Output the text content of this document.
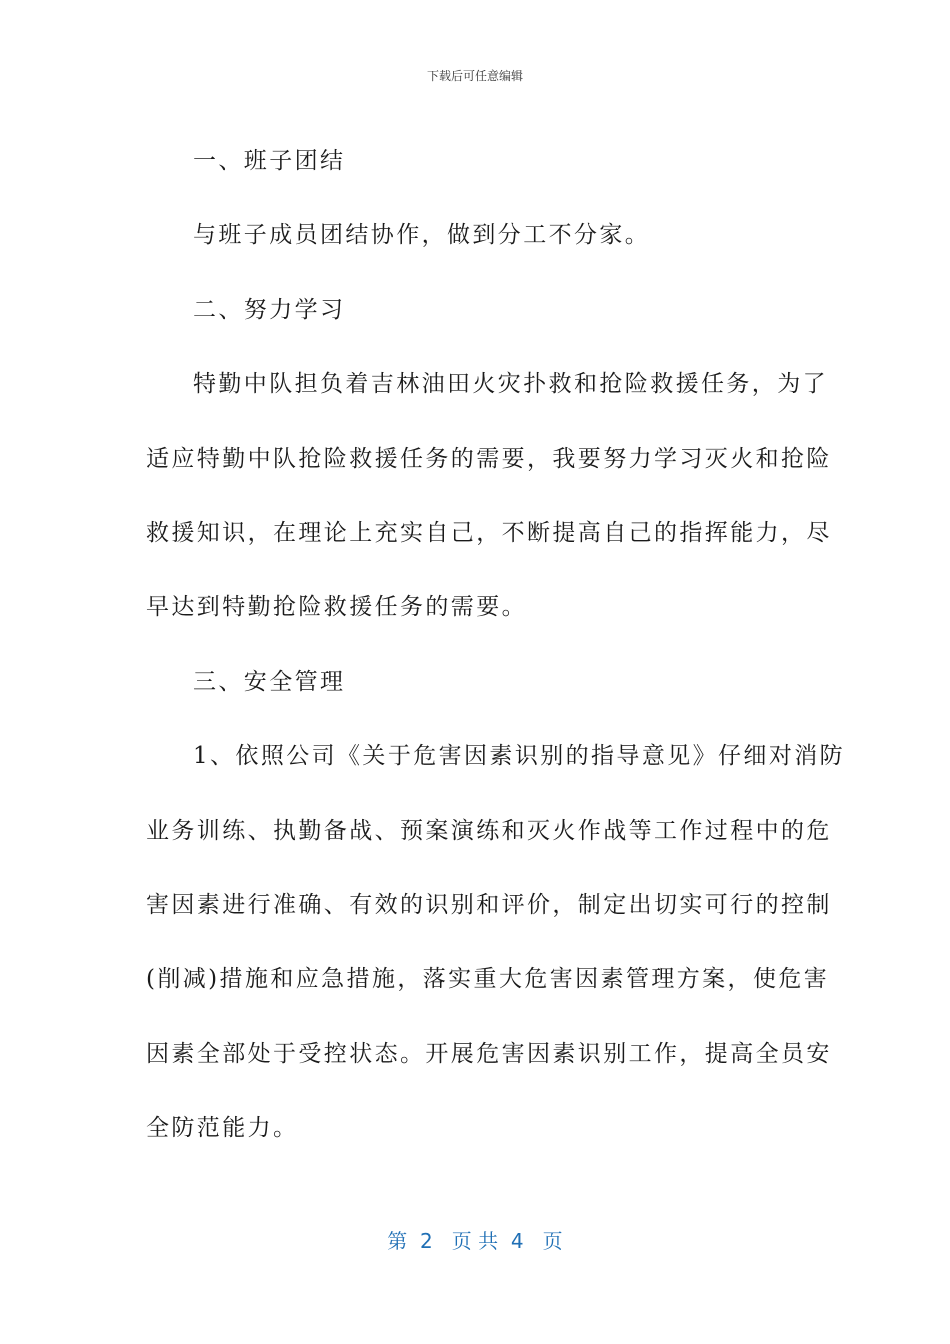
下载后可任意编辑
一、班子团结
与班子成员团结协作，做到分工不分家。
二、努力学习
特勤中队担负着吉林油田火灾扑救和抢险救援任务，为了
适应特勤中队抢险救援任务的需要，我要努力学习灭火和抢险
救援知识，在理论上充实自己，不断提高自己的指挥能力，尽
早达到特勤抢险救援任务的需要。
三、安全管理
1、依照公司《关于危害因素识别的指导意见》仔细对消防
业务训练、执勤备战、预案演练和灭火作战等工作过程中的危
害因素进行准确、有效的识别和评价，制定出切实可行的控制
(削减)措施和应急措施，落实重大危害因素管理方案，使危害
因素全部处于受控状态。开展危害因素识别工作，提高全员安
全防范能力。
第  2   页 共  4   页
